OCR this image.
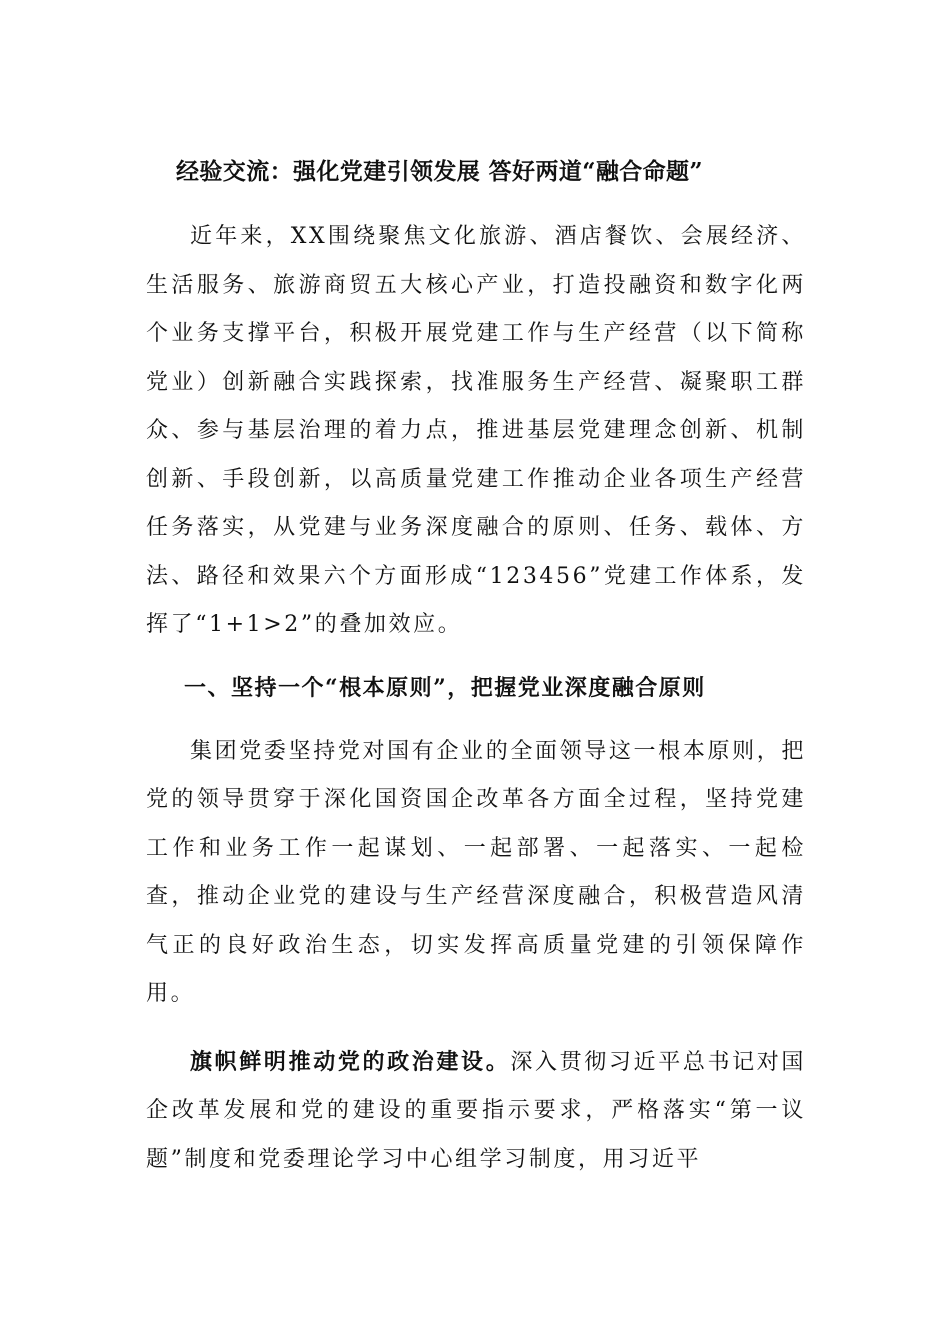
经验交流：强化党建引领发展 答好两道“融合命题”

近年来，XX围绕聚焦文化旅游、酒店餐饮、会展经济、生活服务、旅游商贸五大核心产业，打造投融资和数字化两个业务支撑平台，积极开展党建工作与生产经营（以下简称党业）创新融合实践探索，找准服务生产经营、凝聚职工群众、参与基层治理的着力点，推进基层党建理念创新、机制创新、手段创新，以高质量党建工作推动企业各项生产经营任务落实，从党建与业务深度融合的原则、任务、载体、方法、路径和效果六个方面形成“123456”党建工作体系，发挥了“1+1>2”的叠加效应。

一、坚持一个“根本原则”，把握党业深度融合原则

集团党委坚持党对国有企业的全面领导这一根本原则，把党的领导贯穿于深化国资国企改革各方面全过程，坚持党建工作和业务工作一起谋划、一起部署、一起落实、一起检查，推动企业党的建设与生产经营深度融合，积极营造风清气正的良好政治生态，切实发挥高质量党建的引领保障作用。

旗帜鲜明推动党的政治建设。深入贯彻习近平总书记对国企改革发展和党的建设的重要指示要求，严格落实“第一议题”制度和党委理论学习中心组学习制度，用习近平
